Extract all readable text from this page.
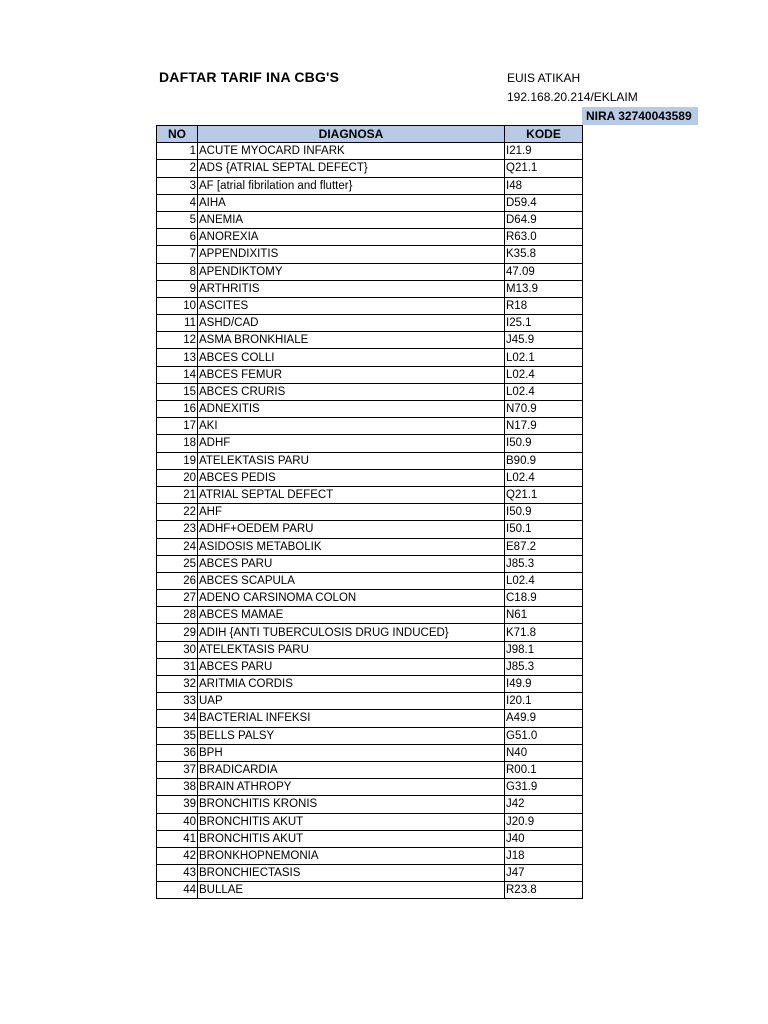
DAFTAR TARIF INA CBG'S	EUIS ATIKAH
192.168.20.214/EKLAIM
NIRA 32740043589
NO	DIAGNOSA	KODE
1	ACUTE MYOCARD INFARK	I21.9
2	ADS {ATRIAL SEPTAL DEFECT}	Q21.1
3	AF [atrial fibrilation and flutter}	I48
4	AIHA	D59.4
5	ANEMIA	D64.9
6	ANOREXIA	R63.0
7	APPENDIXITIS	K35.8
8	APENDIKTOMY	47.09
9	ARTHRITIS	M13.9
10	ASCITES	R18
11	ASHD/CAD	I25.1
12	ASMA BRONKHIALE	J45.9
13	ABCES COLLI	L02.1
14	ABCES FEMUR	L02.4
15	ABCES CRURIS	L02.4
16	ADNEXITIS	N70.9
17	AKI	N17.9
18	ADHF	I50.9
19	ATELEKTASIS PARU	B90.9
20	ABCES PEDIS	L02.4
21	ATRIAL SEPTAL DEFECT	Q21.1
22	AHF	I50.9
23	ADHF+OEDEM PARU	I50.1
24	ASIDOSIS METABOLIK	E87.2
25	ABCES PARU	J85.3
26	ABCES SCAPULA	L02.4
27	ADENO CARSINOMA COLON	C18.9
28	ABCES MAMAE	N61
29	ADIH {ANTI TUBERCULOSIS DRUG INDUCED}	K71.8
30	ATELEKTASIS PARU	J98.1
31	ABCES PARU	J85.3
32	ARITMIA CORDIS	I49.9
33	UAP	I20.1
34	BACTERIAL INFEKSI	A49.9
35	BELLS PALSY	G51.0
36	BPH	N40
37	BRADICARDIA	R00.1
38	BRAIN ATHROPY	G31.9
39	BRONCHITIS KRONIS	J42
40	BRONCHITIS AKUT	J20.9
41	BRONCHITIS AKUT	J40
42	BRONKHOPNEMONIA	J18
43	BRONCHIECTASIS	J47
44	BULLAE	R23.8
